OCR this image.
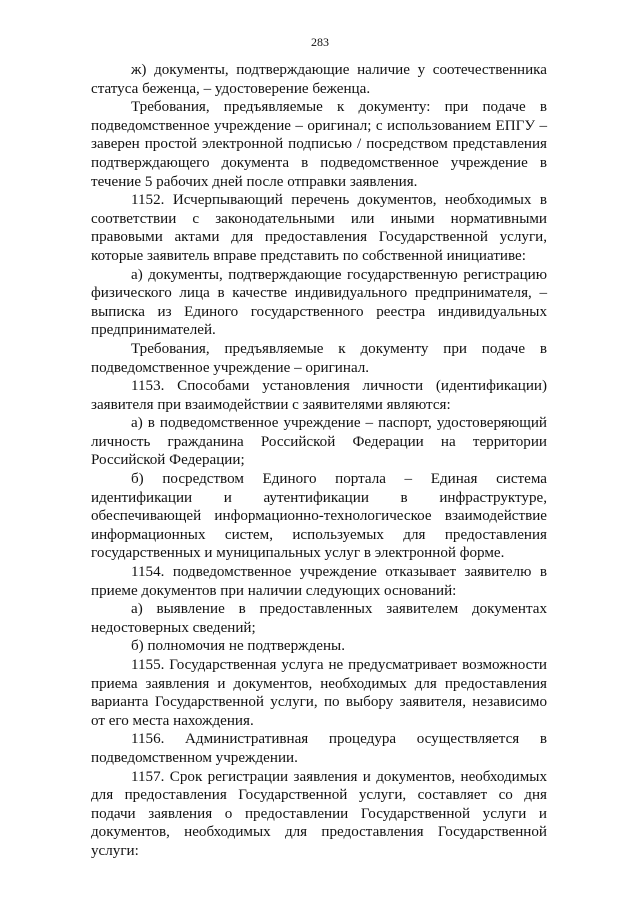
283

ж) документы, подтверждающие наличие у соотечественника статуса беженца, – удостоверение беженца.

Требования, предъявляемые к документу: при подаче в подведомственное учреждение – оригинал; с использованием ЕПГУ – заверен простой электронной подписью / посредством представления подтверждающего документа в подведомственное учреждение в течение 5 рабочих дней после отправки заявления.

1152. Исчерпывающий перечень документов, необходимых в соответствии с законодательными или иными нормативными правовыми актами для предоставления Государственной услуги, которые заявитель вправе представить по собственной инициативе:

а) документы, подтверждающие государственную регистрацию физического лица в качестве индивидуального предпринимателя, – выписка из Единого государственного реестра индивидуальных предпринимателей.

Требования, предъявляемые к документу при подаче в подведомственное учреждение – оригинал.

1153. Способами установления личности (идентификации) заявителя при взаимодействии с заявителями являются:

а) в подведомственное учреждение – паспорт, удостоверяющий личность гражданина Российской Федерации на территории Российской Федерации;

б) посредством Единого портала – Единая система идентификации и аутентификации в инфраструктуре, обеспечивающей информационно-технологическое взаимодействие информационных систем, используемых для предоставления государственных и муниципальных услуг в электронной форме.

1154. подведомственное учреждение отказывает заявителю в приеме документов при наличии следующих оснований:

а) выявление в предоставленных заявителем документах недостоверных сведений;

б) полномочия не подтверждены.

1155. Государственная услуга не предусматривает возможности приема заявления и документов, необходимых для предоставления варианта Государственной услуги, по выбору заявителя, независимо от его места нахождения.

1156. Административная процедура осуществляется в подведомственном учреждении.

1157. Срок регистрации заявления и документов, необходимых для предоставления Государственной услуги, составляет со дня подачи заявления о предоставлении Государственной услуги и документов, необходимых для предоставления Государственной услуги:
